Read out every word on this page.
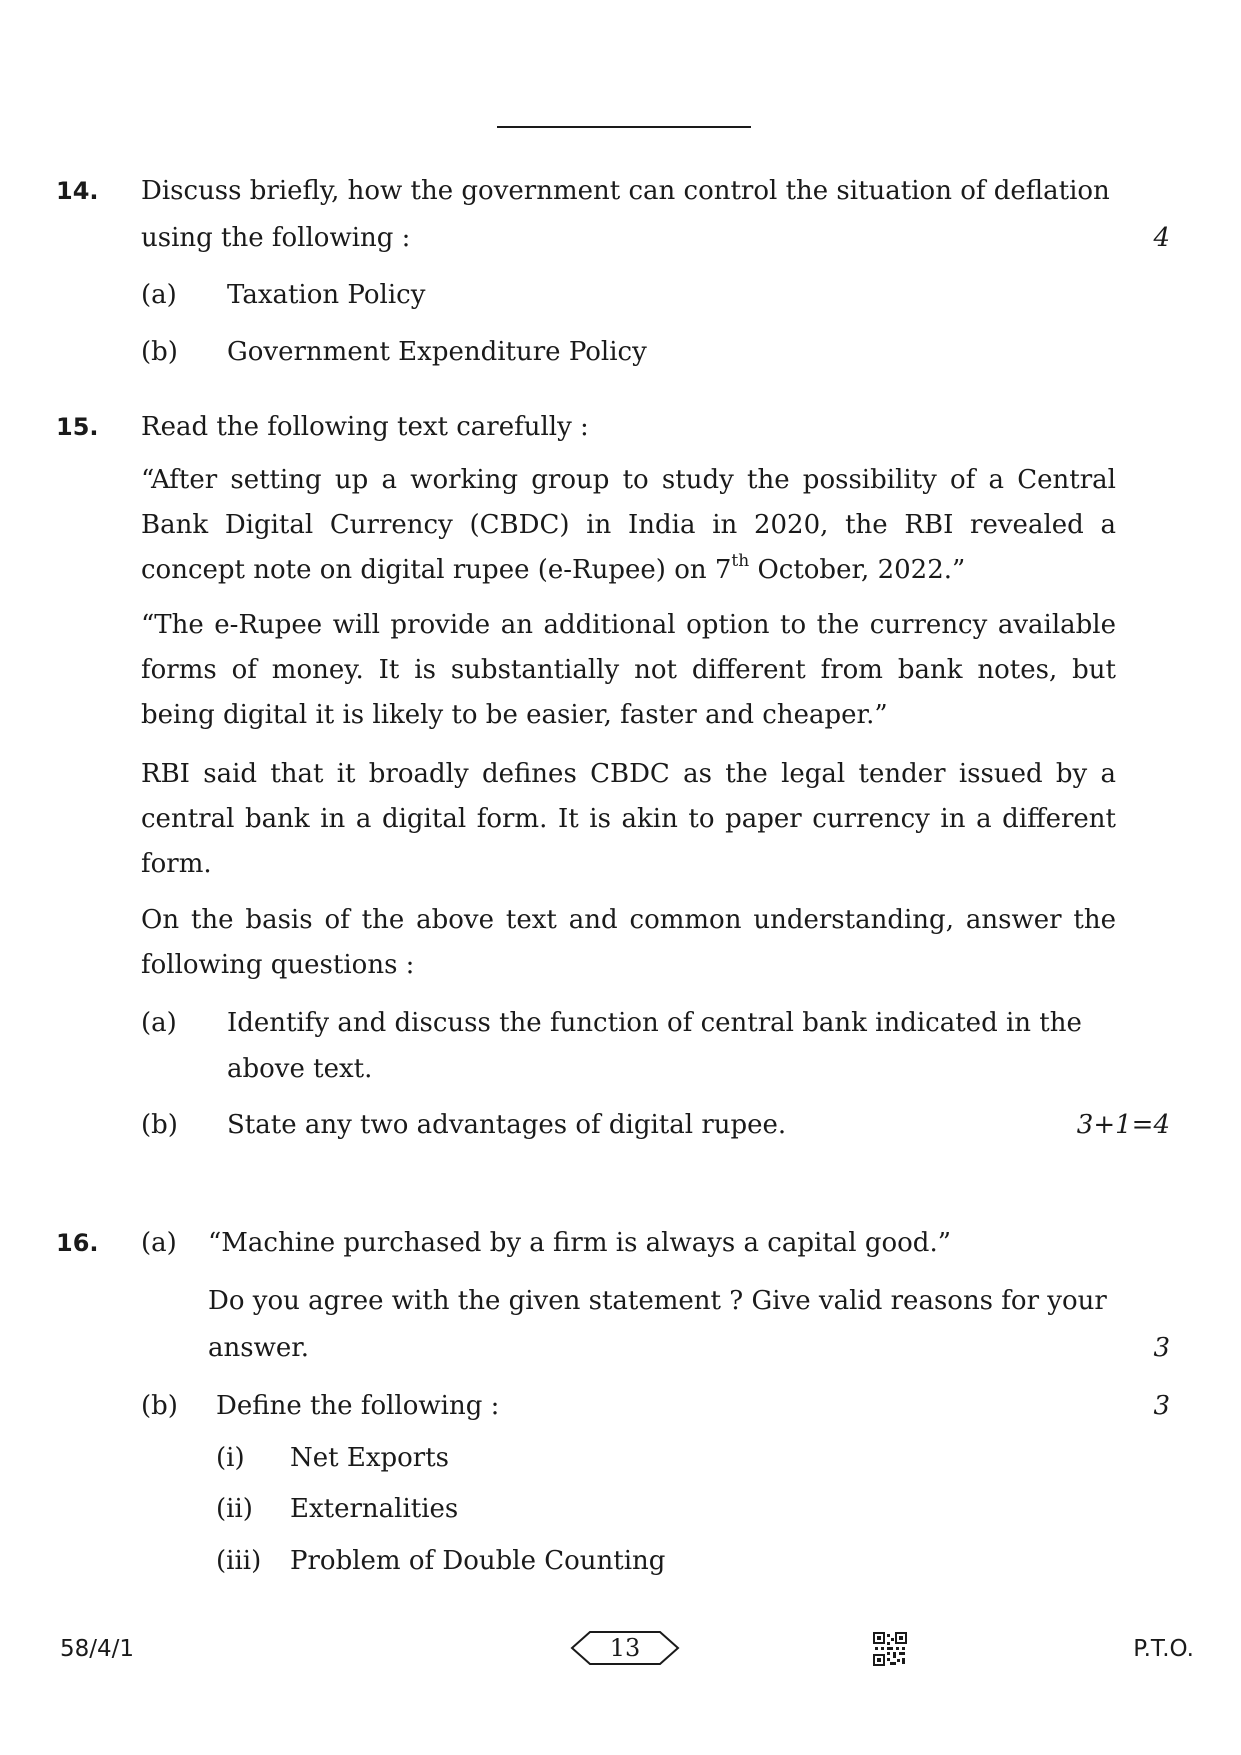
14. Discuss briefly, how the government can control the situation of deflation
using the following :	4
(a) Taxation Policy
(b) Government Expenditure Policy
15. Read the following text carefully :
“After setting up a working group to study the possibility of a Central Bank Digital Currency (CBDC) in India in 2020, the RBI revealed a
concept note on digital rupee (e-Rupee) on 7th October, 2022.”
“The e-Rupee will provide an additional option to the currency available forms of money. It is substantially not different from bank notes, but
being digital it is likely to be easier, faster and cheaper.”
RBI said that it broadly defines CBDC as the legal tender issued by a central bank in a digital form. It is akin to paper currency in a different
form.
On the basis of the above text and common understanding, answer the
following questions :
(a) Identify and discuss the function of central bank indicated in the
above text.
(b) State any two advantages of digital rupee.	3+1=4
16. (a) “Machine purchased by a firm is always a capital good.”
Do you agree with the given statement ? Give valid reasons for your
answer.	3
(b) Define the following :	3
(i) Net Exports
(ii) Externalities
(iii) Problem of Double Counting
58/4/1	13	P.T.O.
